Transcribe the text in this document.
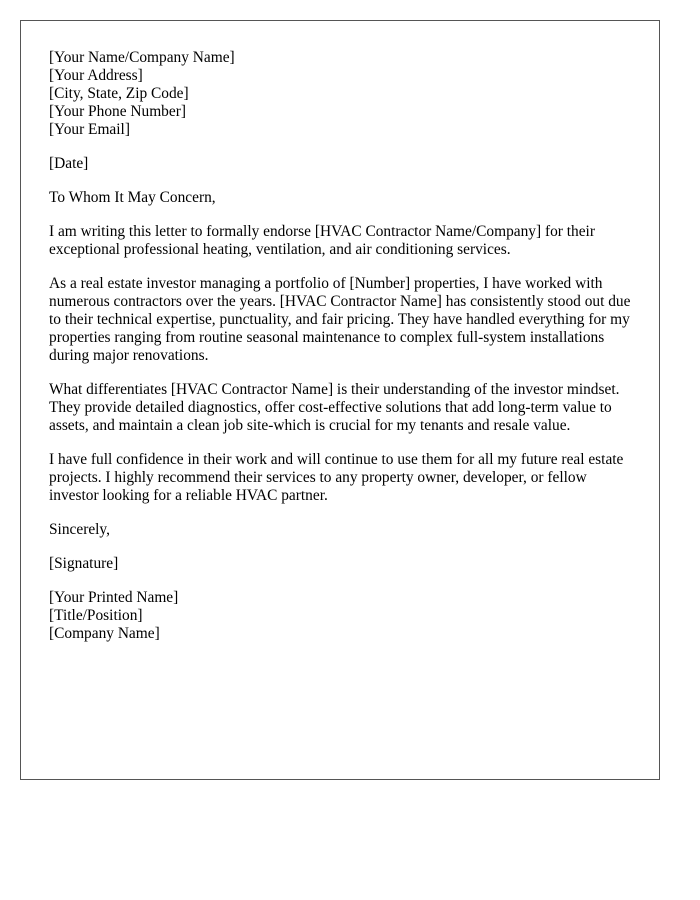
[Your Name/Company Name]
[Your Address]
[City, State, Zip Code]
[Your Phone Number]
[Your Email]
[Date]
To Whom It May Concern,

I am writing this letter to formally endorse [HVAC Contractor Name/Company] for their exceptional professional heating, ventilation, and air conditioning services.

As a real estate investor managing a portfolio of [Number] properties, I have worked with numerous contractors over the years. [HVAC Contractor Name] has consistently stood out due to their technical expertise, punctuality, and fair pricing. They have handled everything for my properties ranging from routine seasonal maintenance to complex full-system installations during major renovations.

What differentiates [HVAC Contractor Name] is their understanding of the investor mindset. They provide detailed diagnostics, offer cost-effective solutions that add long-term value to assets, and maintain a clean job site-which is crucial for my tenants and resale value.

I have full confidence in their work and will continue to use them for all my future real estate projects. I highly recommend their services to any property owner, developer, or fellow investor looking for a reliable HVAC partner.

Sincerely,
[Signature]
[Your Printed Name]
[Title/Position]
[Company Name]
